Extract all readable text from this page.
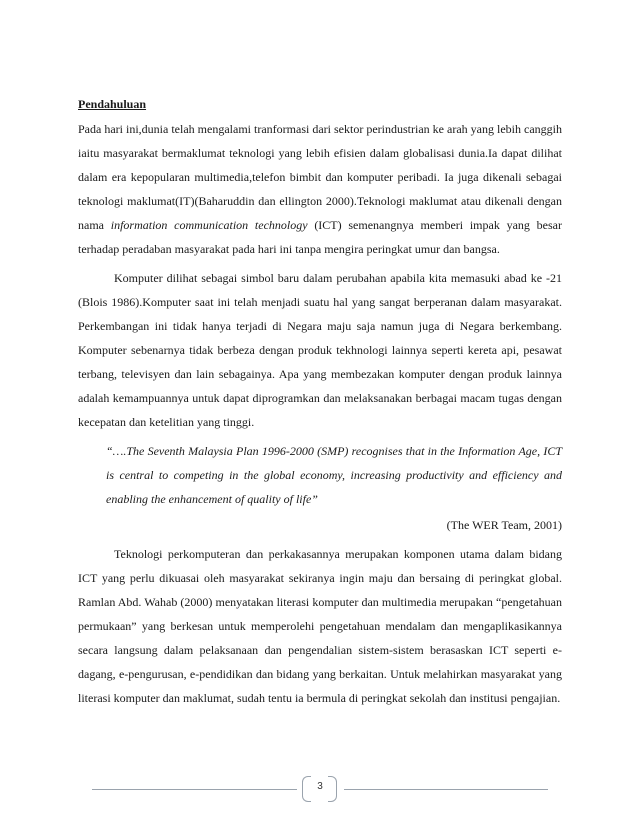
Pendahuluan

Pada hari ini,dunia telah mengalami tranformasi dari sektor perindustrian ke arah yang lebih canggih iaitu masyarakat bermaklumat teknologi yang lebih efisien dalam globalisasi dunia.Ia dapat dilihat dalam era kepopularan multimedia,telefon bimbit dan komputer peribadi. Ia juga dikenali sebagai teknologi maklumat(IT)(Baharuddin dan ellington 2000).Teknologi maklumat atau dikenali dengan nama information communication technology (ICT) semenangnya memberi impak yang besar terhadap peradaban masyarakat pada hari ini tanpa mengira peringkat umur dan bangsa.

Komputer dilihat sebagai simbol baru dalam perubahan apabila kita memasuki abad ke -21 (Blois 1986).Komputer saat ini telah menjadi suatu hal yang sangat berperanan dalam masyarakat. Perkembangan ini tidak hanya terjadi di Negara maju saja namun juga di Negara berkembang. Komputer sebenarnya tidak berbeza dengan produk tekhnologi lainnya seperti kereta api, pesawat terbang, televisyen dan lain sebagainya. Apa yang membezakan komputer dengan produk lainnya adalah kemampuannya untuk dapat diprogramkan dan melaksanakan berbagai macam tugas dengan kecepatan dan ketelitian yang tinggi.

“….The Seventh Malaysia Plan 1996-2000 (SMP) recognises that in the Information Age, ICT is central to competing in the global economy, increasing productivity and efficiency and enabling the enhancement of quality of life”

(The WER Team, 2001)

Teknologi perkomputeran dan perkakasannya merupakan komponen utama dalam bidang ICT yang perlu dikuasai oleh masyarakat sekiranya ingin maju dan bersaing di peringkat global. Ramlan Abd. Wahab (2000) menyatakan literasi komputer dan multimedia merupakan “pengetahuan permukaan” yang berkesan untuk memperolehi pengetahuan mendalam dan mengaplikasikannya secara langsung dalam pelaksanaan dan pengendalian sistem-sistem berasaskan ICT seperti e-dagang, e-pengurusan, e-pendidikan dan bidang yang berkaitan. Untuk melahirkan masyarakat yang literasi komputer dan maklumat, sudah tentu ia bermula di peringkat sekolah dan institusi pengajian.

3
